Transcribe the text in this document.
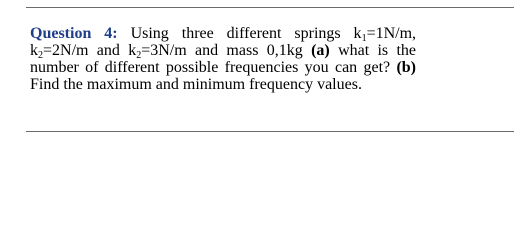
Question 4: Using three different springs $k_1=1N/m$, $k_2=2N/m$ and $k_2=3N/m$ and mass 0,1kg (a) what is the number of different possible frequencies you can get? (b) Find the maximum and minimum frequency values.
